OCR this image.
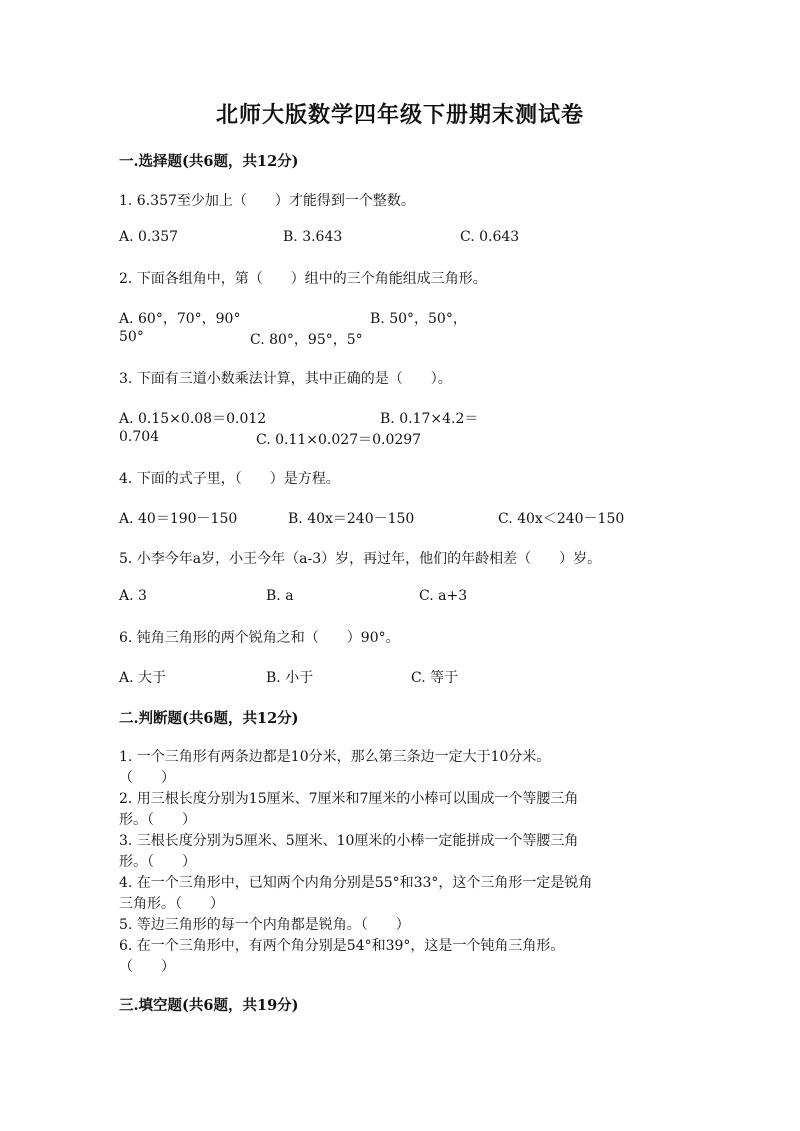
北师大版数学四年级下册期末测试卷
一.选择题(共6题，共12分)
1. 6.357至少加上（　　）才能得到一个整数。
A. 0.357	B. 3.643	C. 0.643
2. 下面各组角中，第（　　）组中的三个角能组成三角形。
A. 60°，70°，90°	B. 50°，50°，
50°	C. 80°，95°，5°
3. 下面有三道小数乘法计算，其中正确的是（　　）。
A. 0.15×0.08＝0.012	B. 0.17×4.2＝
0.704	C. 0.11×0.027＝0.0297
4. 下面的式子里，（　　）是方程。
A. 40＝190－150	B. 40x＝240－150	C. 40x＜240－150
5. 小李今年a岁，小王今年（a-3）岁，再过年，他们的年龄相差（　　）岁。
A. 3	B. a	C. a+3
6. 钝角三角形的两个锐角之和（　　）90°。
A. 大于	B. 小于	C. 等于
二.判断题(共6题，共12分)
1. 一个三角形有两条边都是10分米，那么第三条边一定大于10分米。
（　　）
2. 用三根长度分别为15厘米、7厘米和7厘米的小棒可以围成一个等腰三角
形。（　　）
3. 三根长度分别为5厘米、5厘米、10厘米的小棒一定能拼成一个等腰三角
形。（　　）
4. 在一个三角形中，已知两个内角分别是55°和33°，这个三角形一定是锐角
三角形。（　　）
5. 等边三角形的每一个内角都是锐角。（　　）
6. 在一个三角形中，有两个角分别是54°和39°，这是一个钝角三角形。
（　　）
三.填空题(共6题，共19分)
